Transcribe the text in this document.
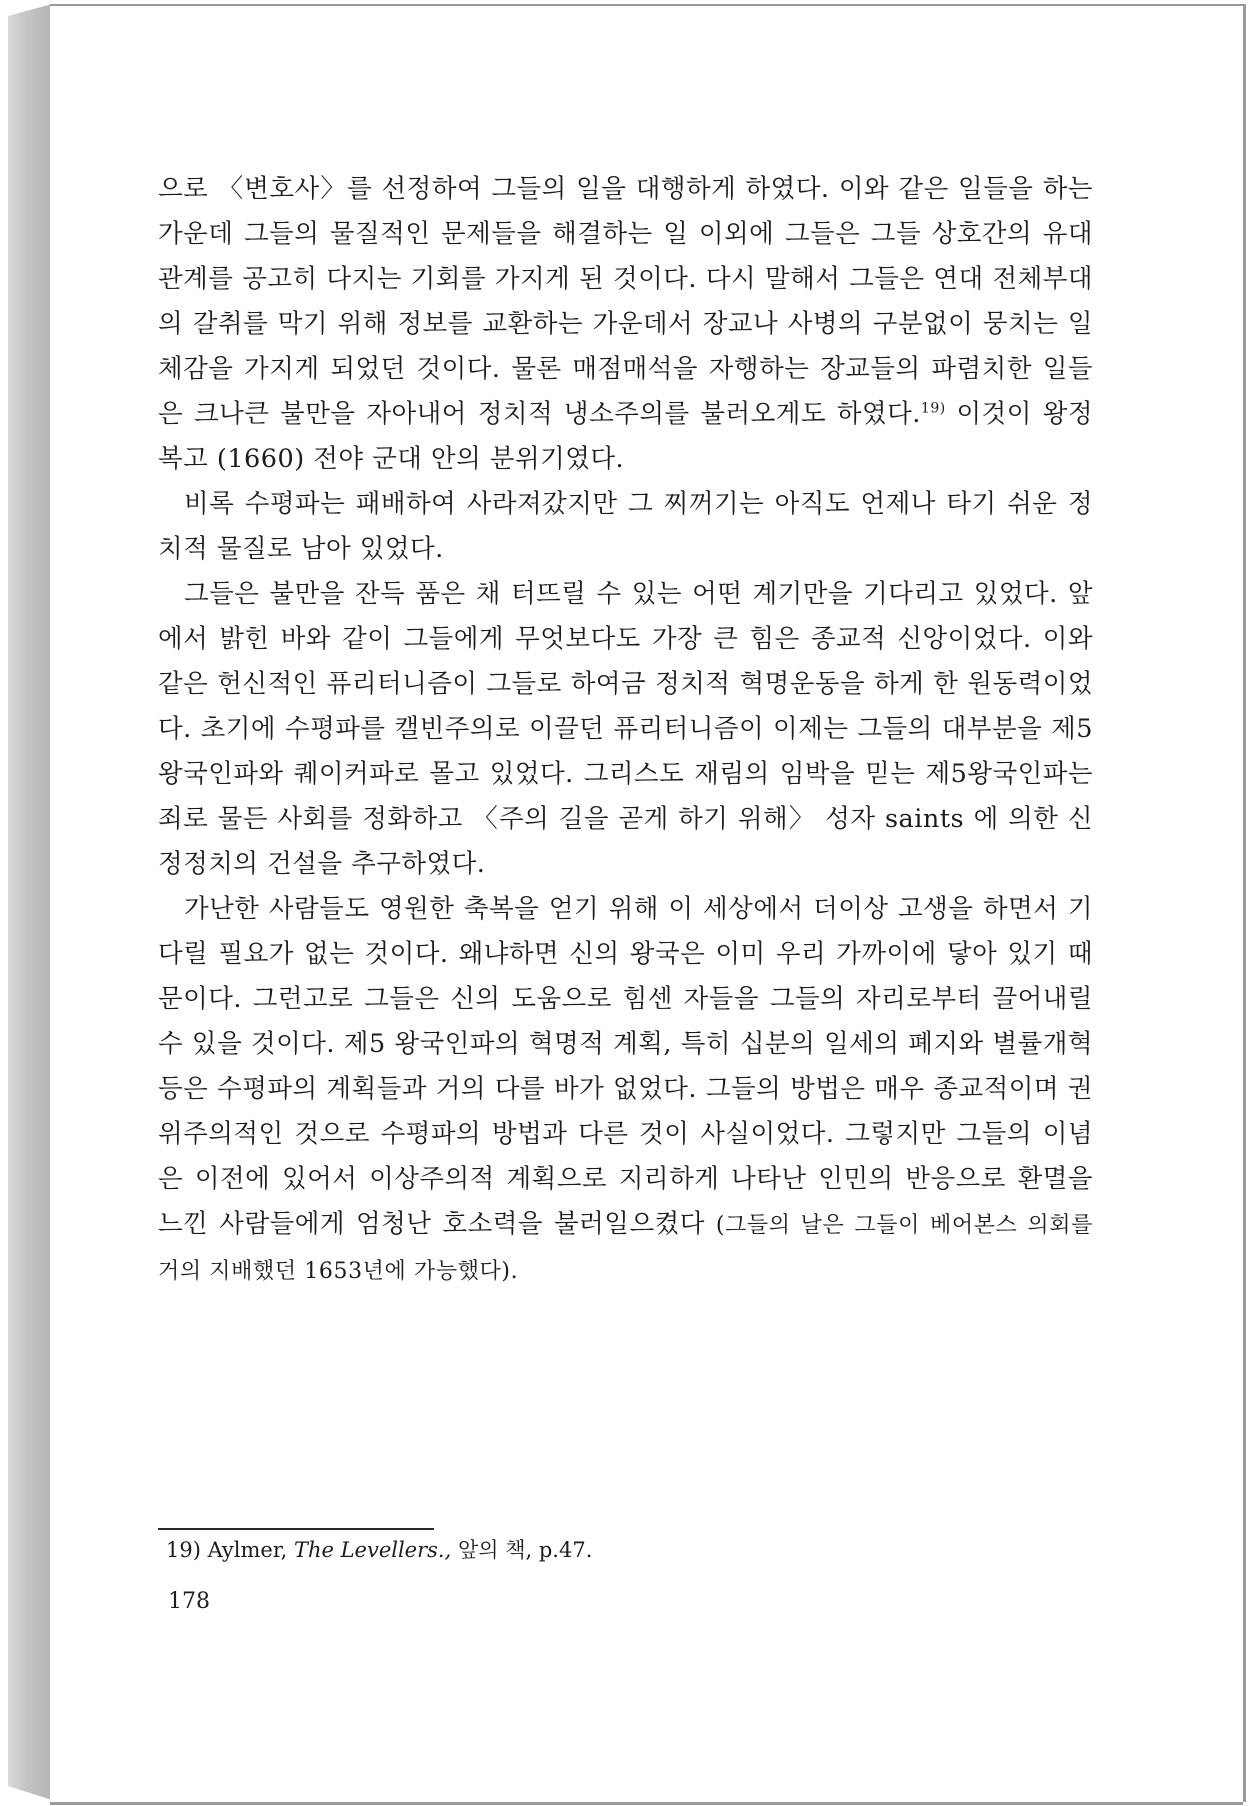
으로 〈변호사〉를 선정하여 그들의 일을 대행하게 하였다. 이와 같은 일들을 하는 가운데 그들의 물질적인 문제들을 해결하는 일 이외에 그들은 그들 상호간의 유대관계를 공고히 다지는 기회를 가지게 된 것이다. 다시 말해서 그들은 연대 전체부대의 갈취를 막기 위해 정보를 교환하는 가운데서 장교나 사병의 구분없이 뭉치는 일체감을 가지게 되었던 것이다. 물론 매점매석을 자행하는 장교들의 파렴치한 일들은 크나큰 불만을 자아내어 정치적 냉소주의를 불러오게도 하였다.$^{19)}$ 이것이 왕정복고 (1660) 전야 군대 안의 분위기였다.

비록 수평파는 패배하여 사라져갔지만 그 찌꺼기는 아직도 언제나 타기 쉬운 정치적 물질로 남아 있었다.

그들은 불만을 잔득 품은 채 터뜨릴 수 있는 어떤 계기만을 기다리고 있었다. 앞에서 밝힌 바와 같이 그들에게 무엇보다도 가장 큰 힘은 종교적 신앙이었다. 이와 같은 헌신적인 퓨리터니즘이 그들로 하여금 정치적 혁명운동을 하게 한 원동력이었다. 초기에 수평파를 캘빈주의로 이끌던 퓨리터니즘이 이제는 그들의 대부분을 제5왕국인파와 퀘이커파로 몰고 있었다. 그리스도 재림의 임박을 믿는 제5왕국인파는 죄로 물든 사회를 정화하고 〈주의 길을 곧게 하기 위해〉 성자 saints 에 의한 신정정치의 건설을 추구하였다.

가난한 사람들도 영원한 축복을 얻기 위해 이 세상에서 더이상 고생을 하면서 기다릴 필요가 없는 것이다. 왜냐하면 신의 왕국은 이미 우리 가까이에 닿아 있기 때문이다. 그런고로 그들은 신의 도움으로 힘센 자들을 그들의 자리로부터 끌어내릴 수 있을 것이다. 제5 왕국인파의 혁명적 계획, 특히 십분의 일세의 폐지와 별률개혁 등은 수평파의 계획들과 거의 다를 바가 없었다. 그들의 방법은 매우 종교적이며 권위주의적인 것으로 수평파의 방법과 다른 것이 사실이었다. 그렇지만 그들의 이념은 이전에 있어서 이상주의적 계획으로 지리하게 나타난 인민의 반응으로 환멸을 느낀 사람들에게 엄청난 호소력을 불러일으켰다 (그들의 날은 그들이 베어본스 의회를 거의 지배했던 1653년에 가능했다).

19) Aylmer, The Levellers., 앞의 책, p.47.
178
